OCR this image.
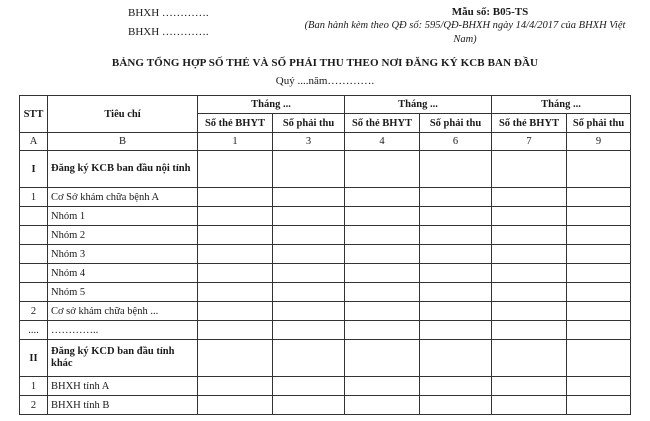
BHXH ………….
BHXH ………….
Mẫu số: B05-TS
(Ban hành kèm theo QĐ số: 595/QĐ-BHXH ngày 14/4/2017 của BHXH Việt Nam)
BẢNG TỔNG HỢP SỐ THẺ VÀ SỐ PHẢI THU THEO NƠI ĐĂNG KÝ KCB BAN ĐẦU
Quý ....năm………….
STT	Tiêu chí	Tháng ...		Tháng ...		Tháng ...	
		Số thẻ BHYT	Số phải thu	Số thẻ BHYT	Số phải thu	Số thẻ BHYT	Số phải thu
A	B	1	3	4	6	7	9
I	Đăng ký KCB ban đầu nội tỉnh						
1	Cơ Sở khám chữa bệnh A						
	Nhóm 1						
	Nhóm 2						
	Nhóm 3						
	Nhóm 4						
	Nhóm 5						
2	Cơ sở khám chữa bệnh ...						
....	…………..						
II	Đăng ký KCD ban đầu tỉnh khác						
1	BHXH tỉnh A						
2	BHXH tỉnh B						
